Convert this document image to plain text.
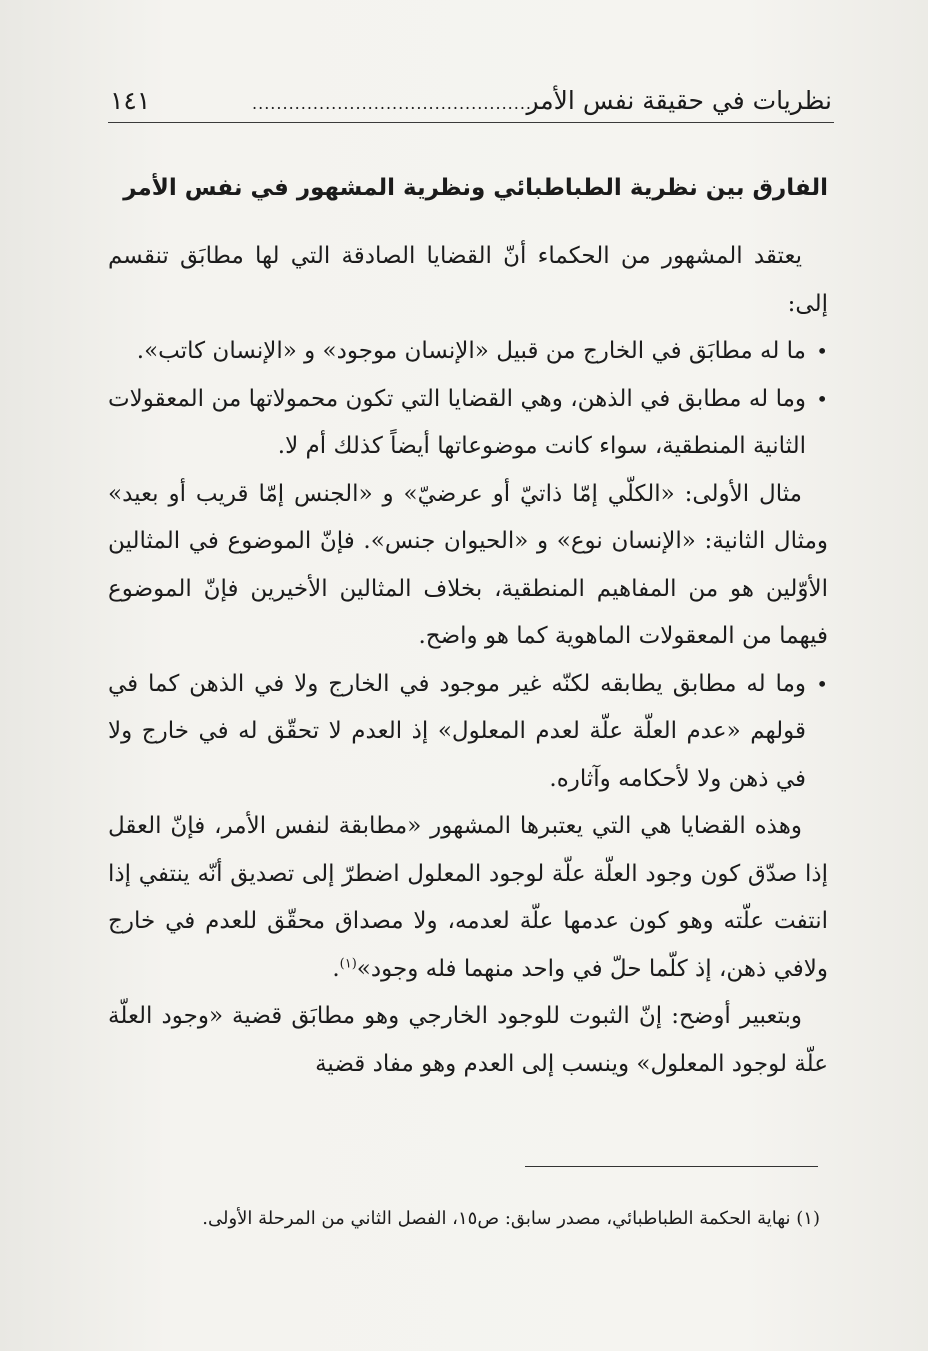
نظريات في حقيقة نفس الأمر
..............................................
١٤١

الفارق بين نظرية الطباطبائي ونظرية المشهور في نفس الأمر

يعتقد المشهور من الحكماء أنّ القضايا الصادقة التي لها مطابَق تنقسم إلى:

•
ما له مطابَق في الخارج من قبيل «الإنسان موجود» و «الإنسان كاتب».

•
وما له مطابق في الذهن، وهي القضايا التي تكون محمولاتها من المعقولات الثانية المنطقية، سواء كانت موضوعاتها أيضاً كذلك أم لا.

مثال الأولى: «الكلّي إمّا ذاتيّ أو عرضيّ» و «الجنس إمّا قريب أو بعيد» ومثال الثانية: «الإنسان نوع» و «الحيوان جنس». فإنّ الموضوع في المثالين الأوّلين هو من المفاهيم المنطقية، بخلاف المثالين الأخيرين فإنّ الموضوع فيهما من المعقولات الماهوية كما هو واضح.

•
وما له مطابق يطابقه لكنّه غير موجود في الخارج ولا في الذهن كما في قولهم «عدم العلّة علّة لعدم المعلول» إذ العدم لا تحقّق له في خارج ولا في ذهن ولا لأحكامه وآثاره.

وهذه القضايا هي التي يعتبرها المشهور «مطابقة لنفس الأمر، فإنّ العقل إذا صدّق كون وجود العلّة علّة لوجود المعلول اضطرّ إلى تصديق أنّه ينتفي إذا انتفت علّته وهو كون عدمها علّة لعدمه، ولا مصداق محقّق للعدم في خارج ولافي ذهن، إذ كلّما حلّ في واحد منهما فله وجود»$^{(١)}$.

وبتعبير أوضح: إنّ الثبوت للوجود الخارجي وهو مطابَق قضية «وجود العلّة علّة لوجود المعلول» وينسب إلى العدم وهو مفاد قضية

(١) نهاية الحكمة الطباطبائي، مصدر سابق: ص١٥، الفصل الثاني من المرحلة الأولى.
